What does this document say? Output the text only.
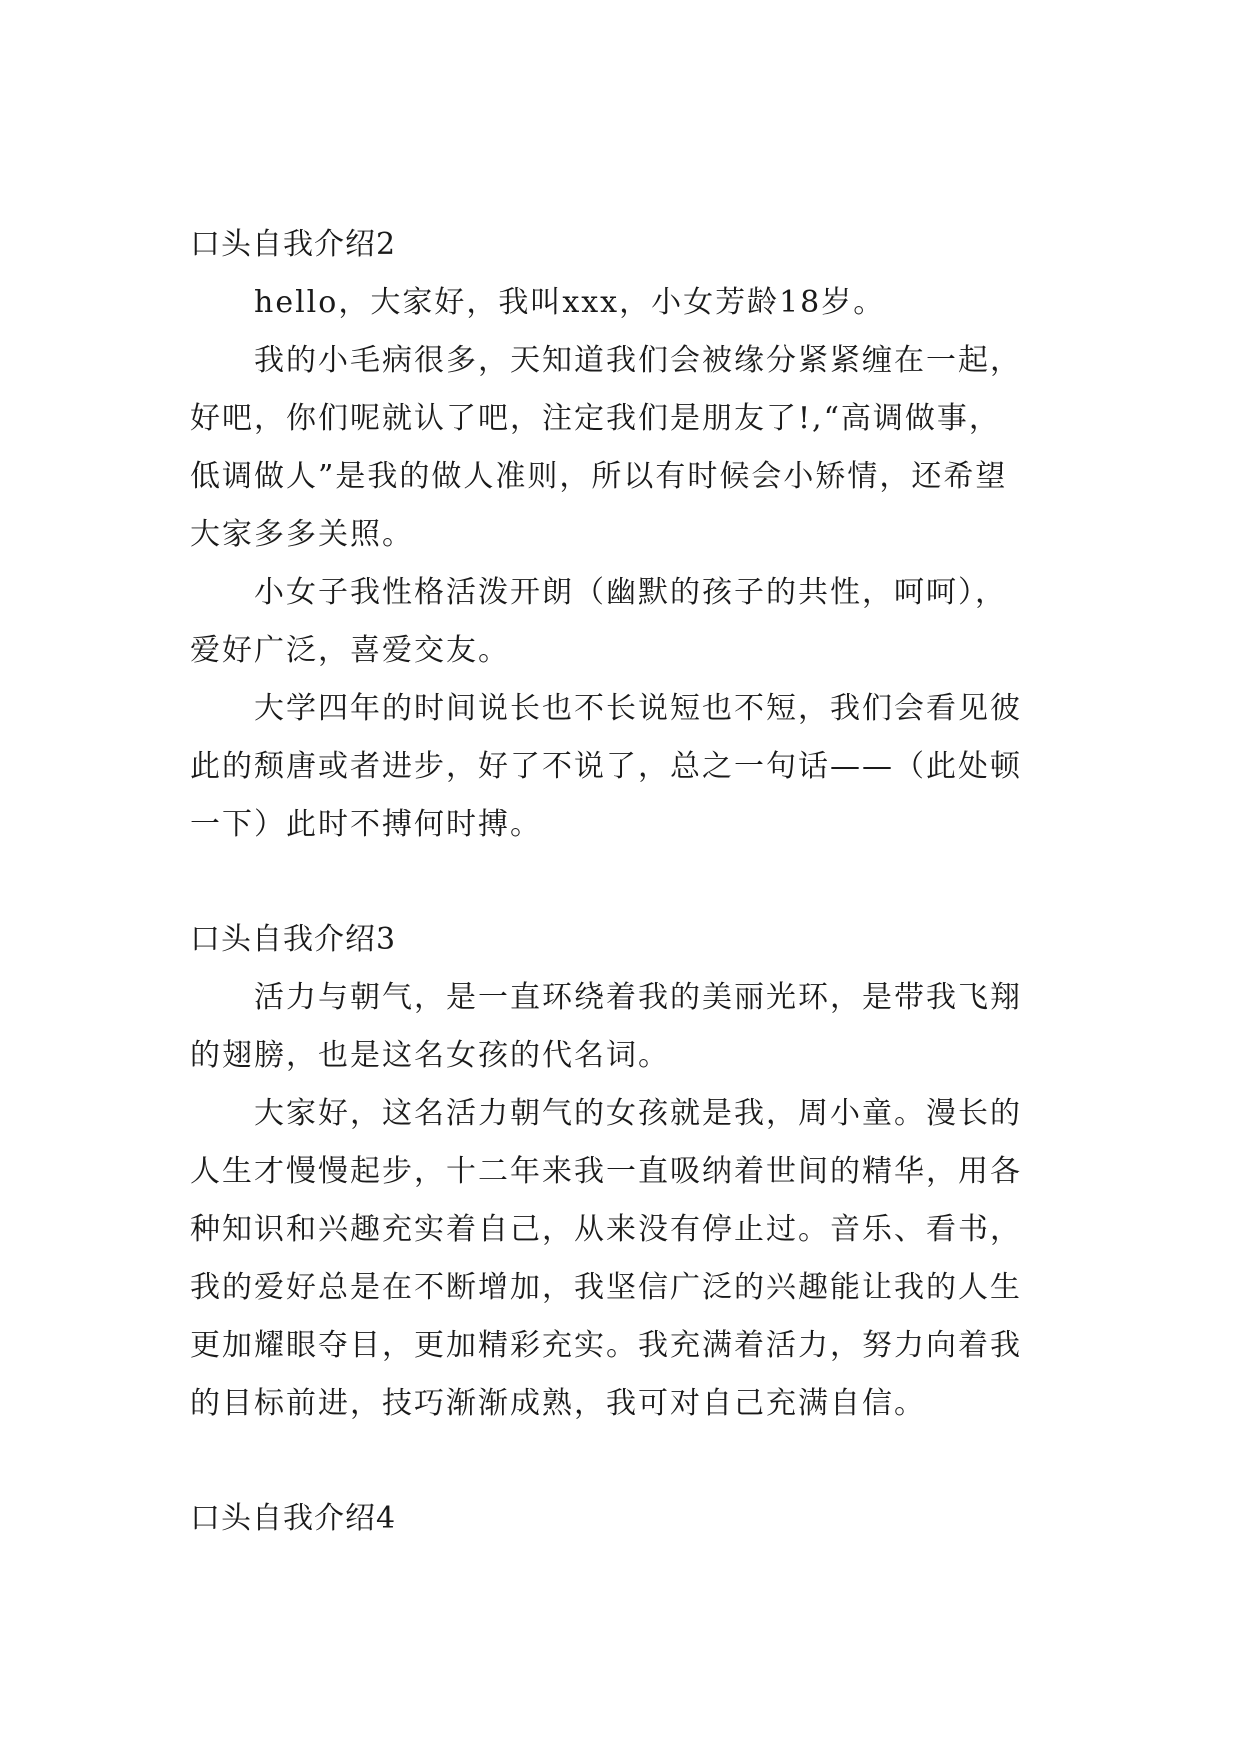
口头自我介绍2
hello，大家好，我叫xxx，小女芳龄18岁。
我的小毛病很多，天知道我们会被缘分紧紧缠在一起，
好吧，你们呢就认了吧，注定我们是朋友了!,“高调做事，
低调做人”是我的做人准则，所以有时候会小矫情，还希望
大家多多关照。
小女子我性格活泼开朗（幽默的孩子的共性，呵呵），
爱好广泛，喜爱交友。
大学四年的时间说长也不长说短也不短，我们会看见彼
此的颓唐或者进步，好了不说了，总之一句话——（此处顿
一下）此时不搏何时搏。
口头自我介绍3
活力与朝气，是一直环绕着我的美丽光环，是带我飞翔
的翅膀，也是这名女孩的代名词。
大家好，这名活力朝气的女孩就是我，周小童。漫长的
人生才慢慢起步，十二年来我一直吸纳着世间的精华，用各
种知识和兴趣充实着自己，从来没有停止过。音乐、看书，
我的爱好总是在不断增加，我坚信广泛的兴趣能让我的人生
更加耀眼夺目，更加精彩充实。我充满着活力，努力向着我
的目标前进，技巧渐渐成熟，我可对自己充满自信。
口头自我介绍4
